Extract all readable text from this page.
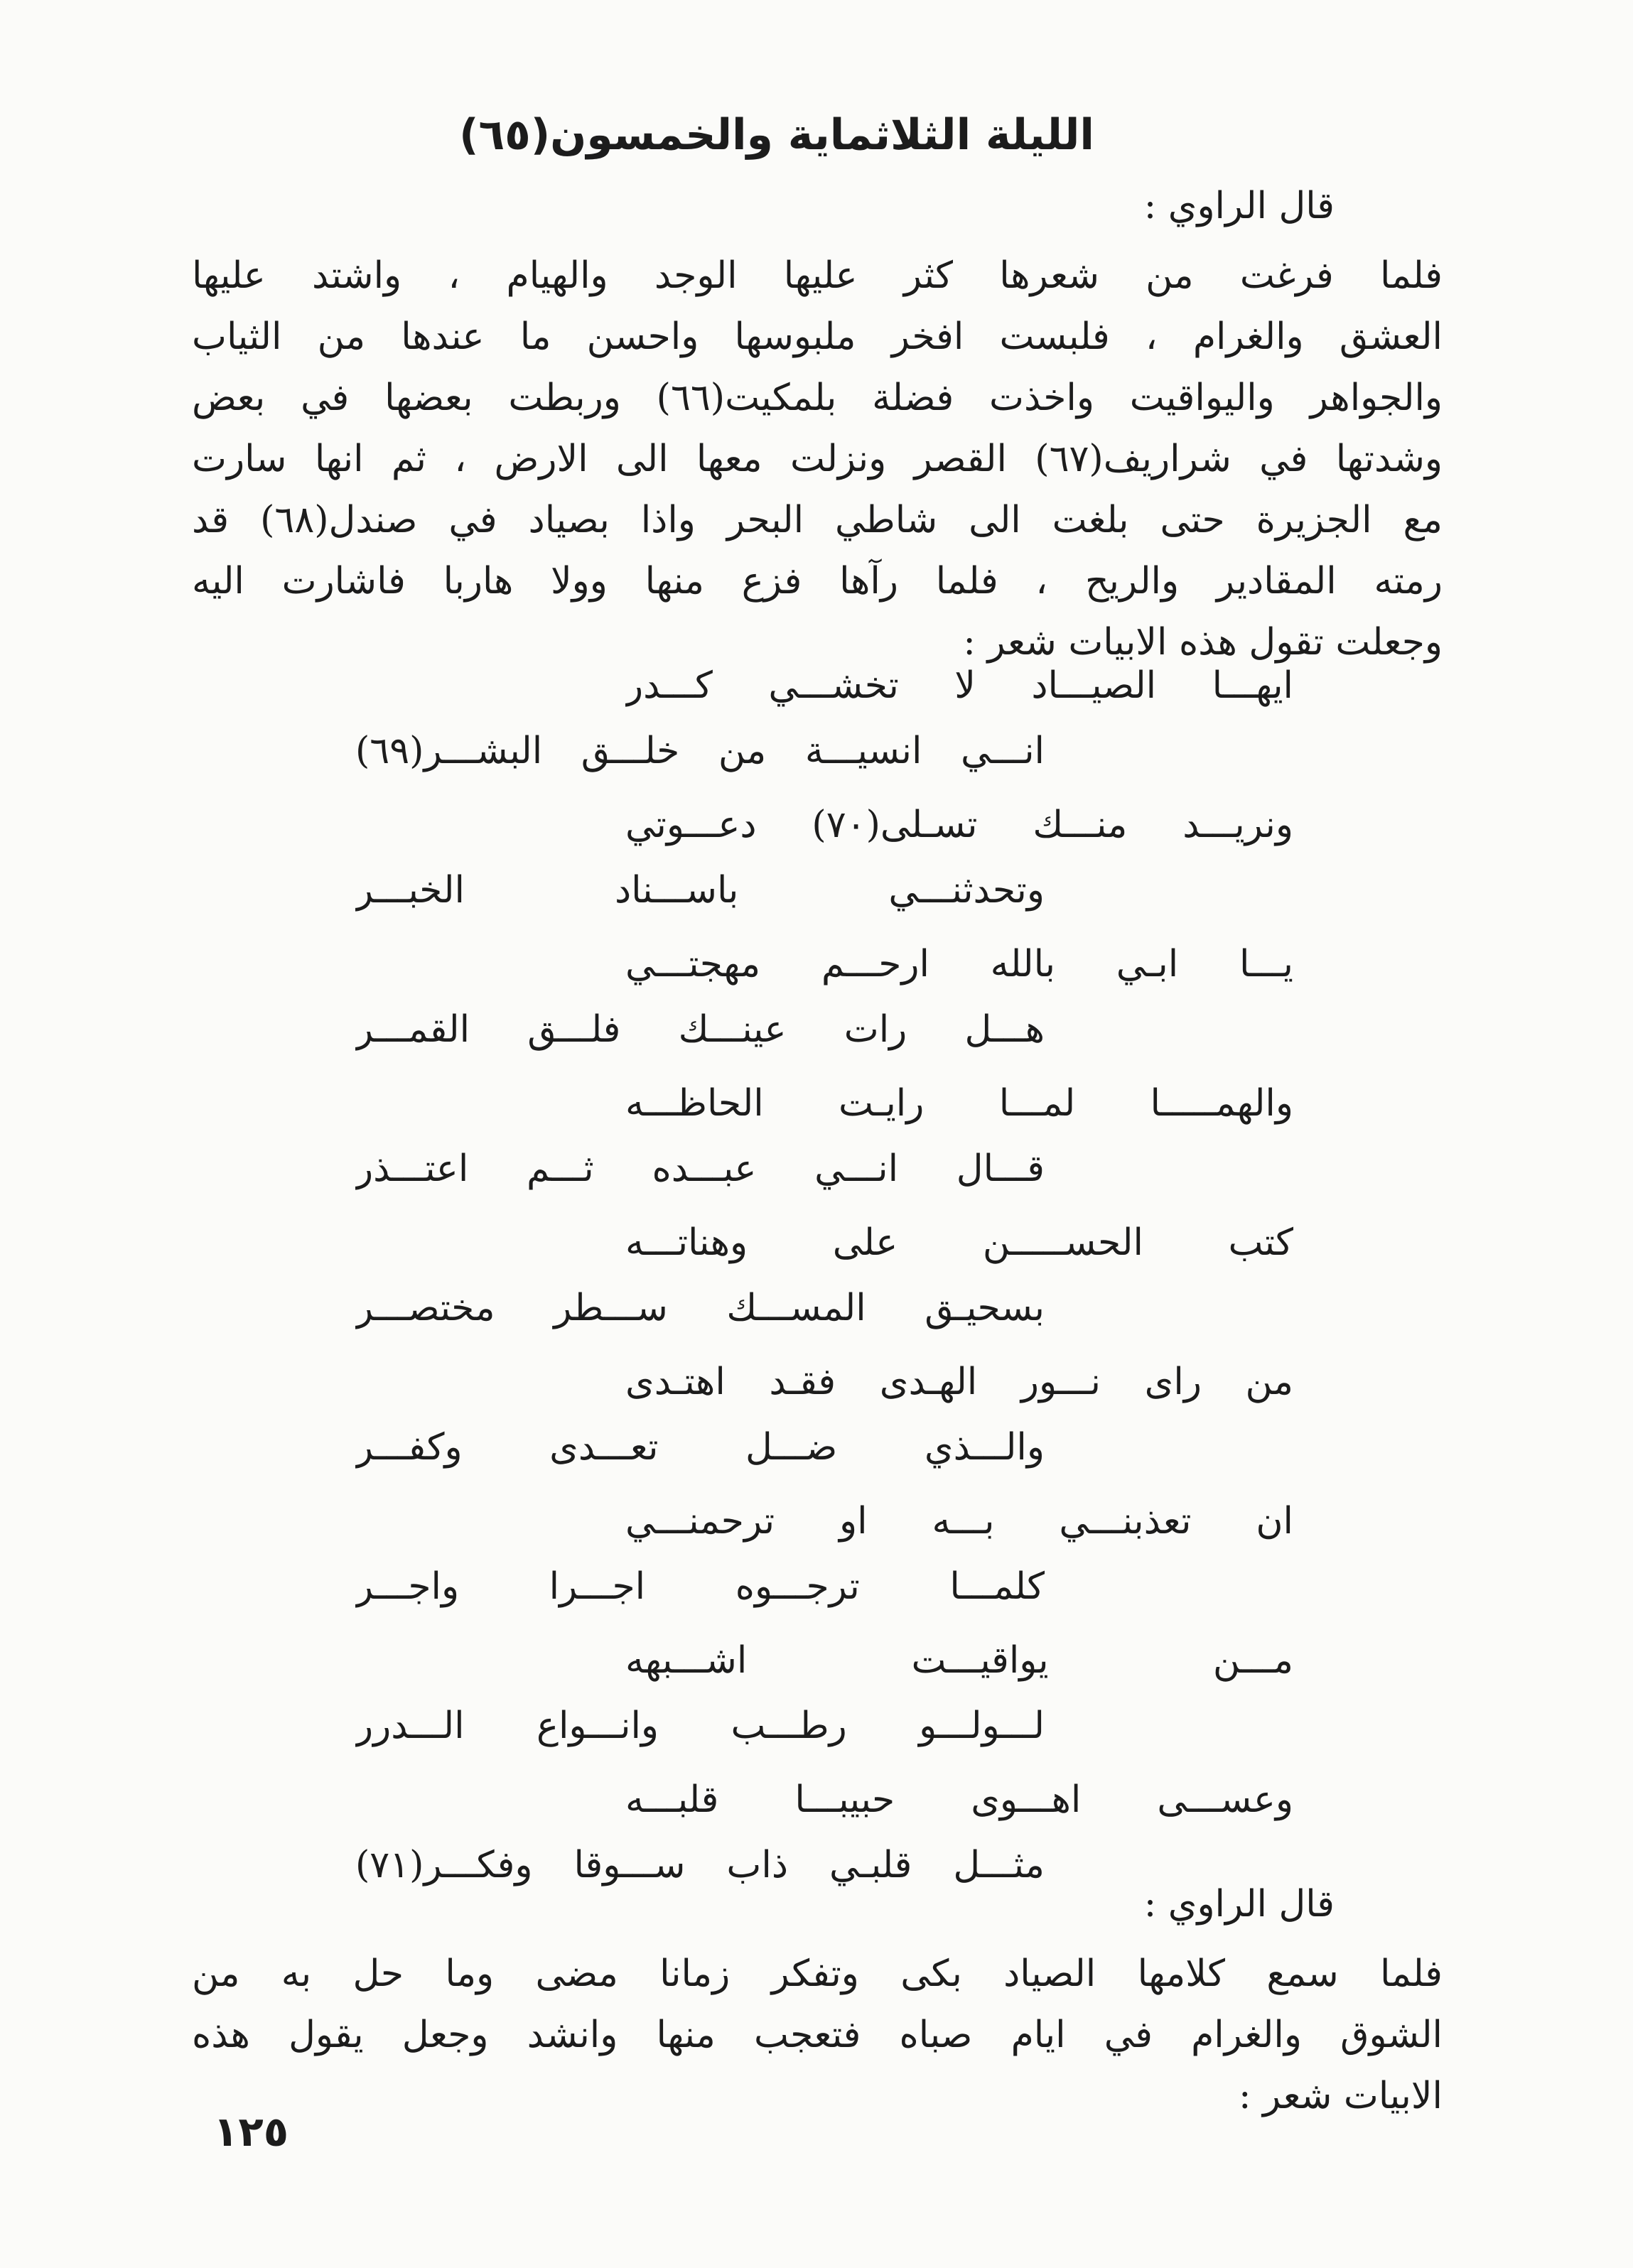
الليلة الثلاثماية والخمسون(٦٥)
قال الراوي :
فلما فرغت من شعرها كثر عليها الوجد والهيام ، واشتد عليها
العشق والغرام ، فلبست افخر ملبوسها واحسن ما عندها من الثياب
والجواهر واليواقيت واخذت فضلة بلمكيت(٦٦) وربطت بعضها في بعض
وشدتها في شراريف(٦٧) القصر ونزلت معها الى الارض ، ثم انها سارت
مع الجزيرة حتى بلغت الى شاطي البحر واذا بصياد في صندل(٦٨) قد
رمته المقادير والريح ، فلما رآها فزع منها وولا هاربا فاشارت اليه
وجعلت تقول هذه الابيات شعر :
ايهـــا الصيـــاد لا تخشـــي كـــدر
انـــي انسيـــة من خلـــق البشـــر(٦٩)
ونريـــد منـــك تسـلى(٧٠) دعـــوتي
وتحدثنـــي باســـناد الخبـــر
يـــا ابـي بالله ارحـــم مهجتـــي
هـــل رات عينـــك فلـــق القمـــر
والهمـــــا لمـــا رايـت الحاظـــه
قـــال انـــي عبـــده ثـــم اعتـــذر
كتب الحســـــن على وهناتـــه
بسحيـق المســـك ســـطر مختصـــر
من راى نـــور الهـدى فقـد اهتـدى
والـــذي ضـــل تعـــدى وكفـــر
ان تعذبنـــي بـــه او ترحمنـــي
كلمـــا ترجـــوه اجـــرا واجـــر
مـــن يواقيـــت اشـــبهه
لـــولـــو رطـــب وانـــواع الـــدرر
وعســـى اهـــوى حبيبـــا قلبـــه
مثـــل قلبـي ذاب ســـوقا وفكـــر(٧١)
قال الراوي :
فلما سمع كلامها الصياد بكى وتفكر زمانا مضى وما حل به من
الشوق والغرام في ايام صباه فتعجب منها وانشد وجعل يقول هذه
الابيات شعر :
١٢٥
